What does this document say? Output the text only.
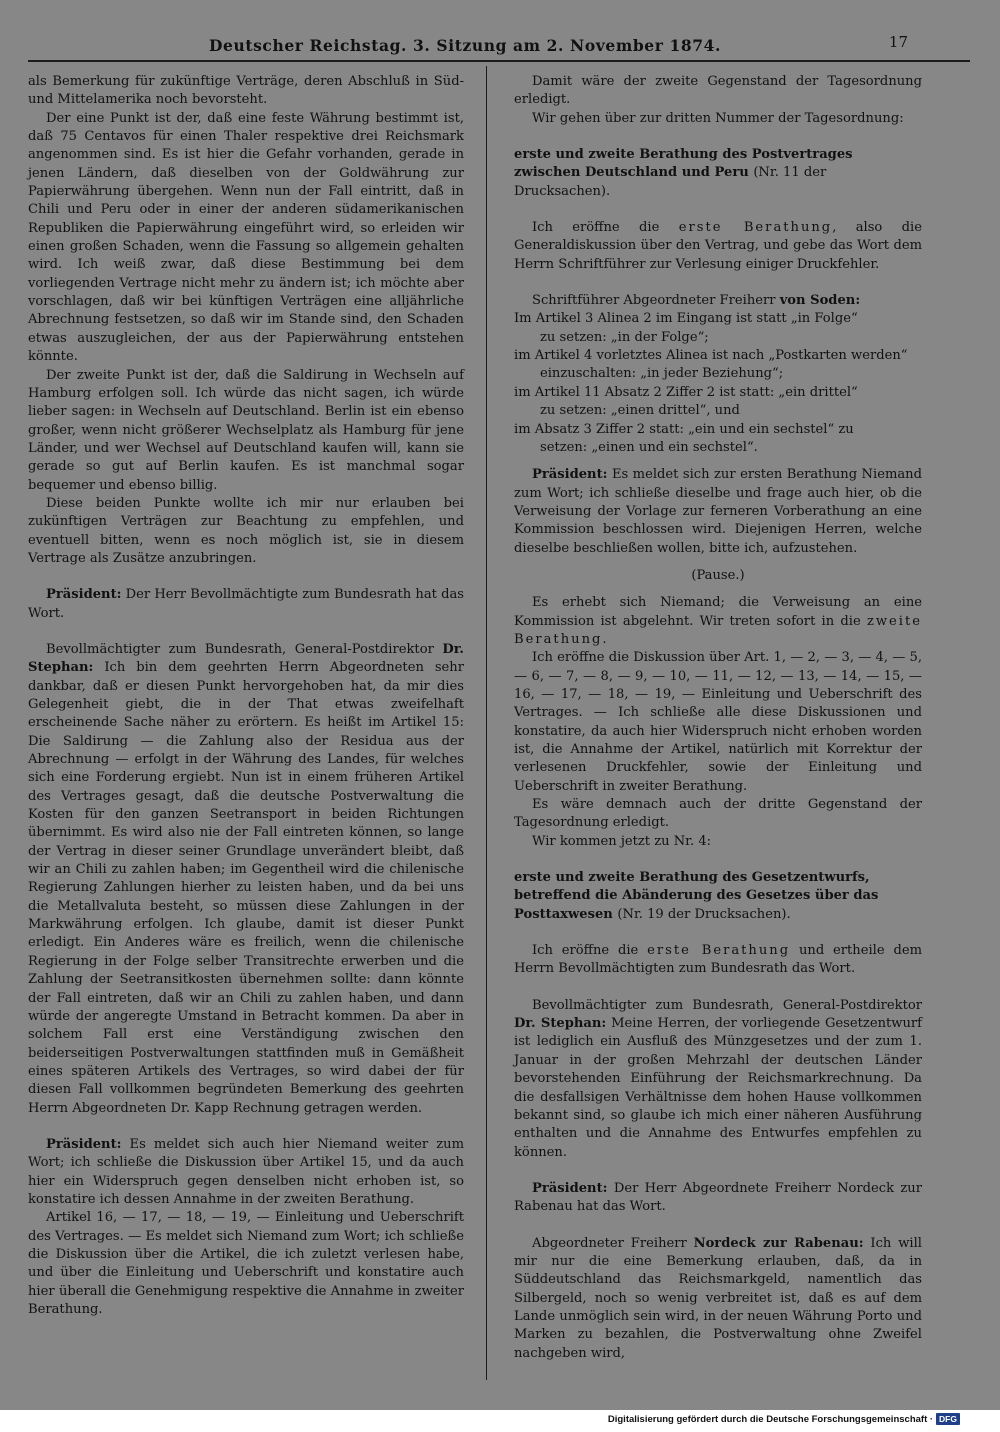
Deutscher Reichstag. 3. Sitzung am 2. November 1874.	17

als Bemerkung für zukünftige Verträge, deren Abschluß in Süd- und Mittelamerika noch bevorsteht.

Der eine Punkt ist der, daß eine feste Währung bestimmt ist, daß 75 Centavos für einen Thaler respektive drei Reichsmark angenommen sind. Es ist hier die Gefahr vorhanden, gerade in jenen Ländern, daß dieselben von der Goldwährung zur Papierwährung übergehen. Wenn nun der Fall eintritt, daß in Chili und Peru oder in einer der anderen südamerikanischen Republiken die Papierwährung eingeführt wird, so erleiden wir einen großen Schaden, wenn die Fassung so allgemein gehalten wird. Ich weiß zwar, daß diese Bestimmung bei dem vorliegenden Vertrage nicht mehr zu ändern ist; ich möchte aber vorschlagen, daß wir bei künftigen Verträgen eine alljährliche Abrechnung festsetzen, so daß wir im Stande sind, den Schaden etwas auszugleichen, der aus der Papierwährung entstehen könnte.

Der zweite Punkt ist der, daß die Saldirung in Wechseln auf Hamburg erfolgen soll. Ich würde das nicht sagen, ich würde lieber sagen: in Wechseln auf Deutschland. Berlin ist ein ebenso großer, wenn nicht größerer Wechselplatz als Hamburg für jene Länder, und wer Wechsel auf Deutschland kaufen will, kann sie gerade so gut auf Berlin kaufen. Es ist manchmal sogar bequemer und ebenso billig.

Diese beiden Punkte wollte ich mir nur erlauben bei zukünftigen Verträgen zur Beachtung zu empfehlen, und eventuell bitten, wenn es noch möglich ist, sie in diesem Vertrage als Zusätze anzubringen.

Präsident: Der Herr Bevollmächtigte zum Bundesrath hat das Wort.

Bevollmächtigter zum Bundesrath, General-Postdirektor Dr. Stephan: Ich bin dem geehrten Herrn Abgeordneten sehr dankbar, daß er diesen Punkt hervorgehoben hat, da mir dies Gelegenheit giebt, die in der That etwas zweifelhaft erscheinende Sache näher zu erörtern. Es heißt im Artikel 15: Die Saldirung — die Zahlung also der Residua aus der Abrechnung — erfolgt in der Währung des Landes, für welches sich eine Forderung ergiebt. Nun ist in einem früheren Artikel des Vertrages gesagt, daß die deutsche Postverwaltung die Kosten für den ganzen Seetransport in beiden Richtungen übernimmt. Es wird also nie der Fall eintreten können, so lange der Vertrag in dieser seiner Grundlage unverändert bleibt, daß wir an Chili zu zahlen haben; im Gegentheil wird die chilenische Regierung Zahlungen hierher zu leisten haben, und da bei uns die Metallvaluta besteht, so müssen diese Zahlungen in der Markwährung erfolgen. Ich glaube, damit ist dieser Punkt erledigt. Ein Anderes wäre es freilich, wenn die chilenische Regierung in der Folge selber Transitrechte erwerben und die Zahlung der Seetransitkosten übernehmen sollte: dann könnte der Fall eintreten, daß wir an Chili zu zahlen haben, und dann würde der angeregte Umstand in Betracht kommen. Da aber in solchem Fall erst eine Verständigung zwischen den beiderseitigen Postverwaltungen stattfinden muß in Gemäßheit eines späteren Artikels des Vertrages, so wird dabei der für diesen Fall vollkommen begründeten Bemerkung des geehrten Herrn Abgeordneten Dr. Kapp Rechnung getragen werden.

Präsident: Es meldet sich auch hier Niemand weiter zum Wort; ich schließe die Diskussion über Artikel 15, und da auch hier ein Widerspruch gegen denselben nicht erhoben ist, so konstatire ich dessen Annahme in der zweiten Berathung.

Artikel 16, — 17, — 18, — 19, — Einleitung und Ueberschrift des Vertrages. — Es meldet sich Niemand zum Wort; ich schließe die Diskussion über die Artikel, die ich zuletzt verlesen habe, und über die Einleitung und Ueberschrift und konstatire auch hier überall die Genehmigung respektive die Annahme in zweiter Berathung.

Damit wäre der zweite Gegenstand der Tagesordnung erledigt.

Wir gehen über zur dritten Nummer der Tagesordnung:

erste und zweite Berathung des Postvertrages zwischen Deutschland und Peru (Nr. 11 der Drucksachen).

Ich eröffne die erste Berathung, also die Generaldiskussion über den Vertrag, und gebe das Wort dem Herrn Schriftführer zur Verlesung einiger Druckfehler.

Schriftführer Abgeordneter Freiherr von Soden:

Im Artikel 3 Alinea 2 im Eingang ist statt „in Folge“

zu setzen: „in der Folge“;

im Artikel 4 vorletztes Alinea ist nach „Postkarten werden“

einzuschalten: „in jeder Beziehung“;

im Artikel 11 Absatz 2 Ziffer 2 ist statt: „ein drittel“

zu setzen: „einen drittel“, und

im Absatz 3 Ziffer 2 statt: „ein und ein sechstel“ zu

setzen: „einen und ein sechstel“.

Präsident: Es meldet sich zur ersten Berathung Niemand zum Wort; ich schließe dieselbe und frage auch hier, ob die Verweisung der Vorlage zur ferneren Vorberathung an eine Kommission beschlossen wird. Diejenigen Herren, welche dieselbe beschließen wollen, bitte ich, aufzustehen.

(Pause.)

Es erhebt sich Niemand; die Verweisung an eine Kommission ist abgelehnt. Wir treten sofort in die zweite Berathung.

Ich eröffne die Diskussion über Art. 1, — 2, — 3, — 4, — 5, — 6, — 7, — 8, — 9, — 10, — 11, — 12, — 13, — 14, — 15, — 16, — 17, — 18, — 19, — Einleitung und Ueberschrift des Vertrages. — Ich schließe alle diese Diskussionen und konstatire, da auch hier Widerspruch nicht erhoben worden ist, die Annahme der Artikel, natürlich mit Korrektur der verlesenen Druckfehler, sowie der Einleitung und Ueberschrift in zweiter Berathung.

Es wäre demnach auch der dritte Gegenstand der Tagesordnung erledigt.

Wir kommen jetzt zu Nr. 4:

erste und zweite Berathung des Gesetzentwurfs, betreffend die Abänderung des Gesetzes über das Posttaxwesen (Nr. 19 der Drucksachen).

Ich eröffne die erste Berathung und ertheile dem Herrn Bevollmächtigten zum Bundesrath das Wort.

Bevollmächtigter zum Bundesrath, General-Postdirektor Dr. Stephan: Meine Herren, der vorliegende Gesetzentwurf ist lediglich ein Ausfluß des Münzgesetzes und der zum 1. Januar in der großen Mehrzahl der deutschen Länder bevorstehenden Einführung der Reichsmarkrechnung. Da die desfallsigen Verhältnisse dem hohen Hause vollkommen bekannt sind, so glaube ich mich einer näheren Ausführung enthalten und die Annahme des Entwurfes empfehlen zu können.

Präsident: Der Herr Abgeordnete Freiherr Nordeck zur Rabenau hat das Wort.

Abgeordneter Freiherr Nordeck zur Rabenau: Ich will mir nur die eine Bemerkung erlauben, daß, da in Süddeutschland das Reichsmarkgeld, namentlich das Silbergeld, noch so wenig verbreitet ist, daß es auf dem Lande unmöglich sein wird, in der neuen Währung Porto und Marken zu bezahlen, die Postverwaltung ohne Zweifel nachgeben wird,

Digitalisierung gefördert durch die Deutsche Forschungsgemeinschaft · DFG
